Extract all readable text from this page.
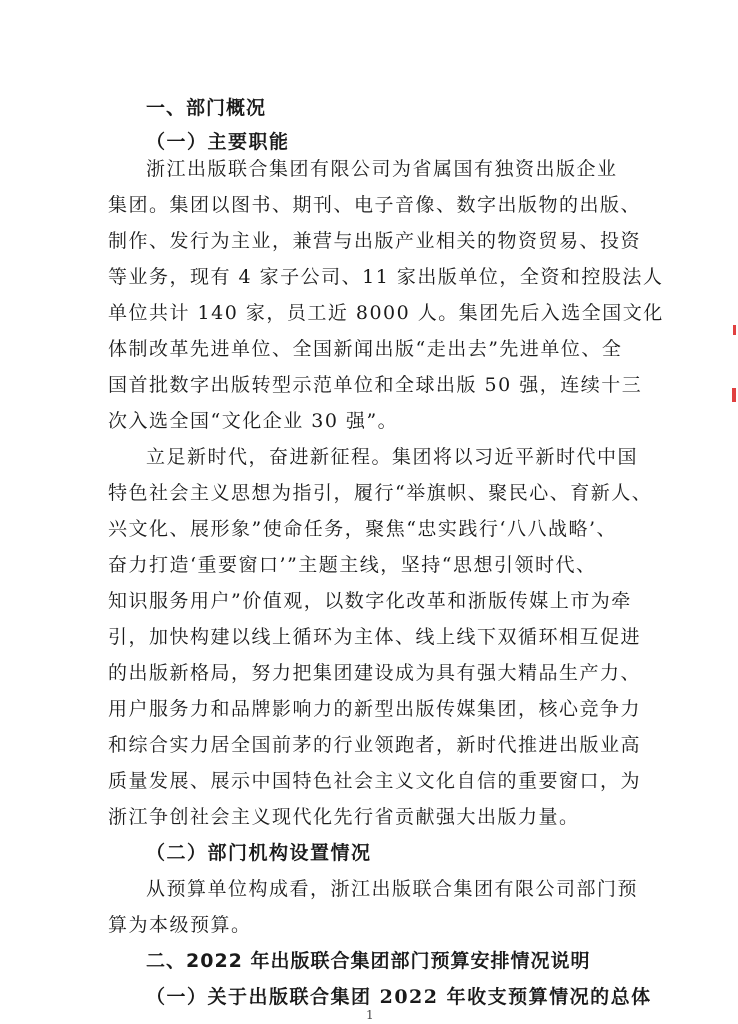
一、部门概况
（一）主要职能
浙江出版联合集团有限公司为省属国有独资出版企业
集团。集团以图书、期刊、电子音像、数字出版物的出版、
制作、发行为主业，兼营与出版产业相关的物资贸易、投资
等业务，现有 4 家子公司、11 家出版单位，全资和控股法人
单位共计 140 家，员工近 8000 人。集团先后入选全国文化
体制改革先进单位、全国新闻出版“走出去”先进单位、全
国首批数字出版转型示范单位和全球出版 50 强，连续十三
次入选全国“文化企业 30 强”。
立足新时代，奋进新征程。集团将以习近平新时代中国
特色社会主义思想为指引，履行“举旗帜、聚民心、育新人、
兴文化、展形象”使命任务，聚焦“忠实践行‘八八战略’、
奋力打造‘重要窗口’”主题主线，坚持“思想引领时代、
知识服务用户”价值观，以数字化改革和浙版传媒上市为牵
引，加快构建以线上循环为主体、线上线下双循环相互促进
的出版新格局，努力把集团建设成为具有强大精品生产力、
用户服务力和品牌影响力的新型出版传媒集团，核心竞争力
和综合实力居全国前茅的行业领跑者，新时代推进出版业高
质量发展、展示中国特色社会主义文化自信的重要窗口，为
浙江争创社会主义现代化先行省贡献强大出版力量。
（二）部门机构设置情况
从预算单位构成看，浙江出版联合集团有限公司部门预
算为本级预算。
二、2022 年出版联合集团部门预算安排情况说明
（一）关于出版联合集团 2022 年收支预算情况的总体
1
